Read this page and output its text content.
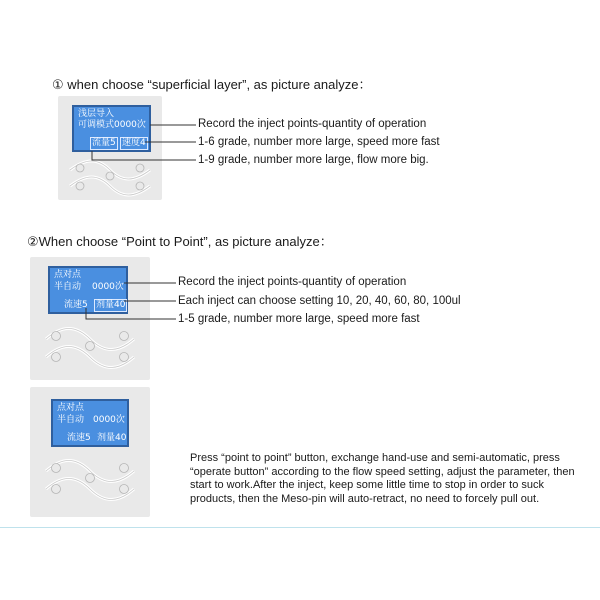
① when choose “superficial layer”, as picture analyze：
浅层导入
可调模式0000次
流量5 速度4
Record the inject points-quantity of operation
1-6 grade, number more large, speed more fast
1-9 grade, number more large, flow more big.
②When choose “Point to Point”, as picture analyze：
点对点
半自动 0000次
流速5 剂量40
Record the inject points-quantity of operation
Each inject can choose setting 10, 20, 40, 60, 80, 100ul
1-5 grade, number more large, speed more fast
点对点
半自动 0000次
流速5 剂量40
Press “point to point” button, exchange hand-use and semi-automatic, press “operate button” according to the flow speed setting, adjust the parameter, then start to work.After the inject, keep some little time to stop in order to suck products, then the Meso-pin will auto-retract, no need to forcely pull out.
